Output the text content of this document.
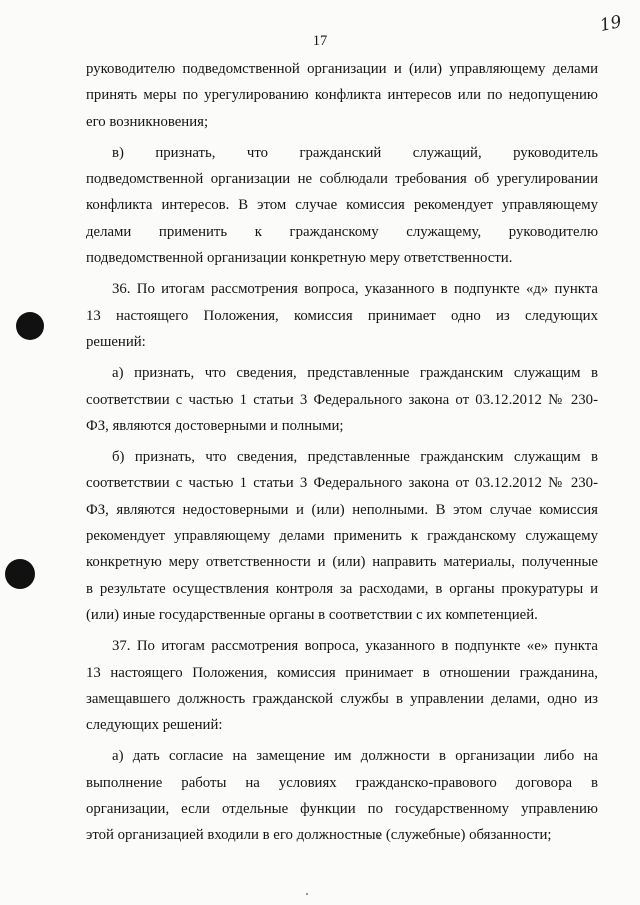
17
19
руководителю подведомственной организации и (или) управляющему делами
принять меры по урегулированию конфликта интересов или по недопущению
его возникновения;
в) признать, что гражданский служащий, руководитель
подведомственной организации не соблюдали требования об урегулировании
конфликта интересов. В этом случае комиссия рекомендует управляющему
делами применить к гражданскому служащему, руководителю
подведомственной организации конкретную меру ответственности.
36. По итогам рассмотрения вопроса, указанного в подпункте «д» пункта
13 настоящего Положения, комиссия принимает одно из следующих
решений:
а) признать, что сведения, представленные гражданским служащим в
соответствии с частью 1 статьи 3 Федерального закона от 03.12.2012 № 230-
ФЗ, являются достоверными и полными;
б) признать, что сведения, представленные гражданским служащим в
соответствии с частью 1 статьи 3 Федерального закона от 03.12.2012 № 230-
ФЗ, являются недостоверными и (или) неполными. В этом случае комиссия
рекомендует управляющему делами применить к гражданскому служащему
конкретную меру ответственности и (или) направить материалы, полученные
в результате осуществления контроля за расходами, в органы прокуратуры и
(или) иные государственные органы в соответствии с их компетенцией.
37. По итогам рассмотрения вопроса, указанного в подпункте «е» пункта
13 настоящего Положения, комиссия принимает в отношении гражданина,
замещавшего должность гражданской службы в управлении делами, одно из
следующих решений:
а) дать согласие на замещение им должности в организации либо на
выполнение работы на условиях гражданско-правового договора в
организации, если отдельные функции по государственному управлению
этой организацией входили в его должностные (служебные) обязанности;
